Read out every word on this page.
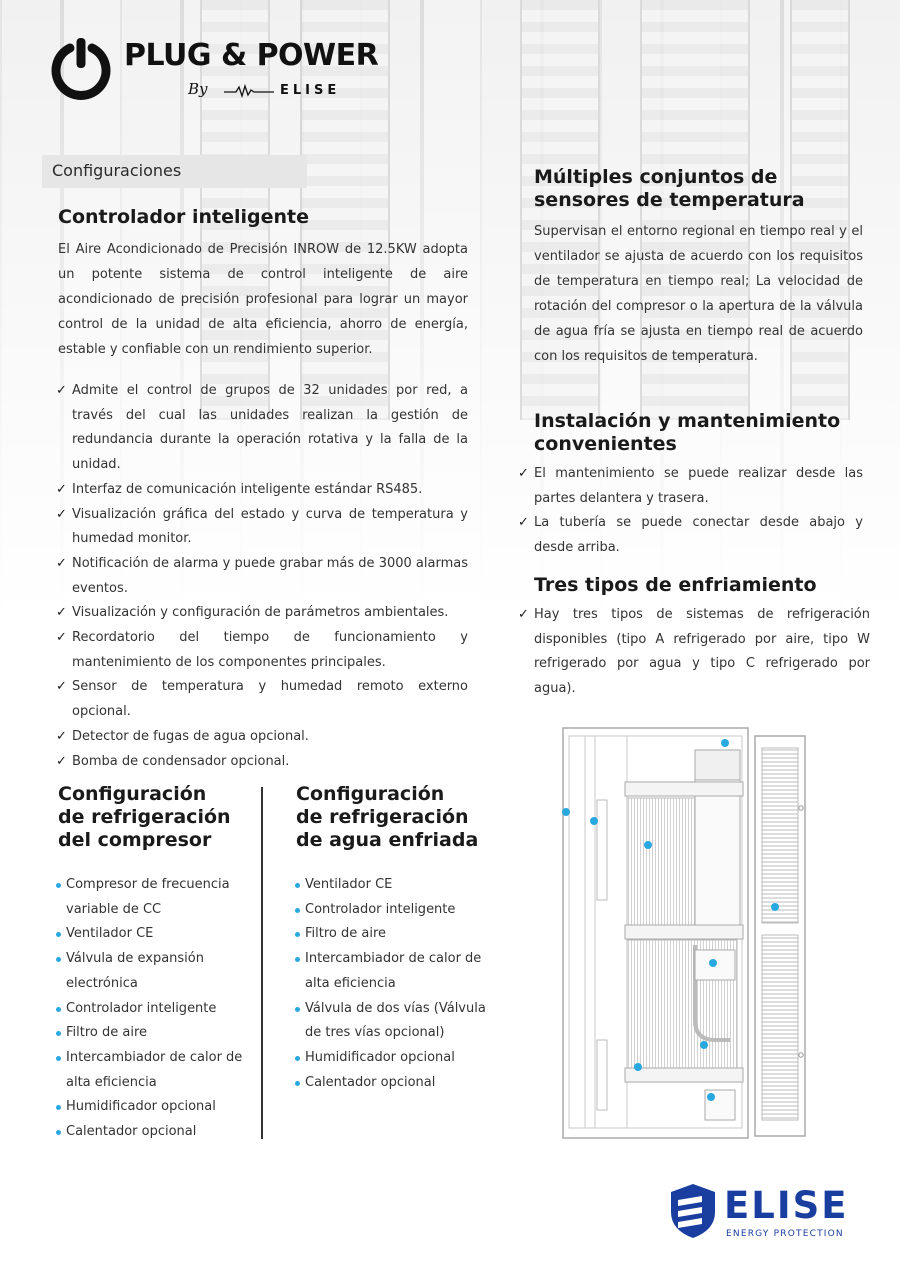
PLUG & POWER
By	ELISE
Configuraciones
Controlador inteligente

El Aire Acondicionado de Precisión INROW de 12.5KW adopta un potente sistema de control inteligente de aire acondicionado de precisión profesional para lograr un mayor control de la unidad de alta eficiencia, ahorro de energía, estable y confiable con un rendimiento superior.

✓ Admite el control de grupos de 32 unidades por red, a través del cual las unidades realizan la gestión de redundancia durante la operación rotativa y la falla de la unidad.
✓ Interfaz de comunicación inteligente estándar RS485.
✓ Visualización gráfica del estado y curva de temperatura y humedad monitor.
✓ Notificación de alarma y puede grabar más de 3000 alarmas eventos.
✓ Visualización y configuración de parámetros ambientales.
✓ Recordatorio del tiempo de funcionamiento y mantenimiento de los componentes principales.
✓ Sensor de temperatura y humedad remoto externo opcional.
✓ Detector de fugas de agua opcional.
✓ Bomba de condensador opcional.
Configuración
de refrigeración
del compresor
Compresor de frecuencia variable de CC
Ventilador CE
Válvula de expansión electrónica
Controlador inteligente
Filtro de aire
Intercambiador de calor de alta eficiencia
Humidificador opcional
Calentador opcional
Configuración
de refrigeración
de agua enfriada
Ventilador CE
Controlador inteligente
Filtro de aire
Intercambiador de calor de alta eficiencia
Válvula de dos vías (Válvula de tres vías opcional)
Humidificador opcional
Calentador opcional
Múltiples conjuntos de
sensores de temperatura

Supervisan el entorno regional en tiempo real y el ventilador se ajusta de acuerdo con los requisitos de temperatura en tiempo real; La velocidad de rotación del compresor o la apertura de la válvula de agua fría se ajusta en tiempo real de acuerdo con los requisitos de temperatura.

Instalación y mantenimiento
convenientes
✓ El mantenimiento se puede realizar desde las partes delantera y trasera.
✓ La tubería se puede conectar desde abajo y desde arriba.
Tres tipos de enfriamiento
✓ Hay tres tipos de sistemas de refrigeración disponibles (tipo A refrigerado por aire, tipo W refrigerado por agua y tipo C refrigerado por agua).
ELISE
ENERGY PROTECTION
